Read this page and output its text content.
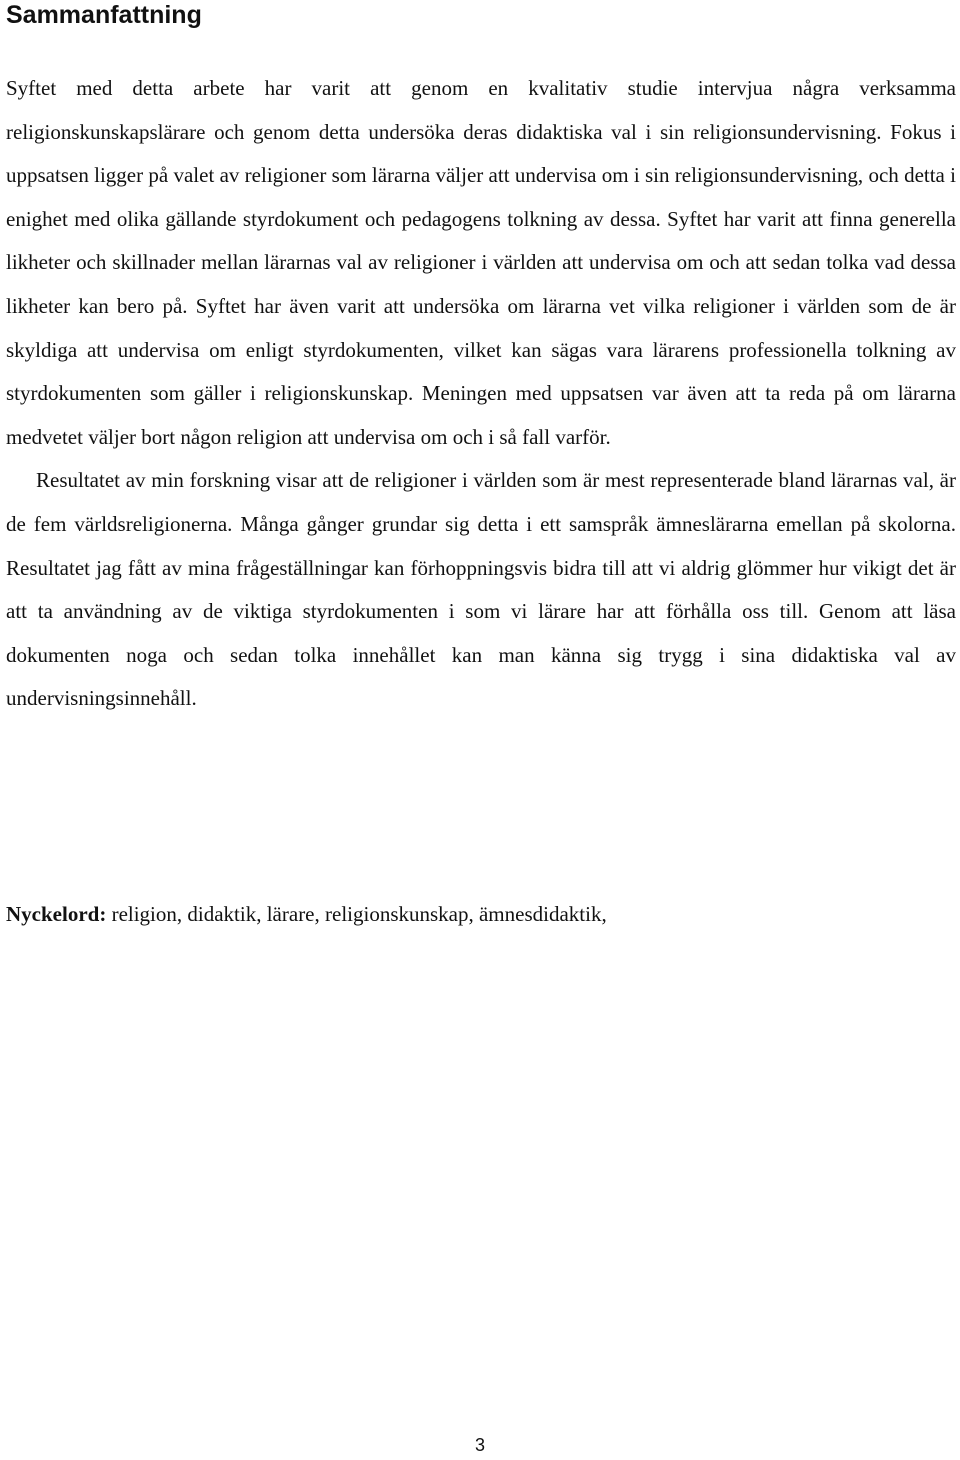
Sammanfattning

Syftet med detta arbete har varit att genom en kvalitativ studie intervjua några verksamma religionskunskapslärare och genom detta undersöka deras didaktiska val i sin religionsundervisning. Fokus i uppsatsen ligger på valet av religioner som lärarna väljer att undervisa om i sin religionsundervisning, och detta i enighet med olika gällande styrdokument och pedagogens tolkning av dessa. Syftet har varit att finna generella likheter och skillnader mellan lärarnas val av religioner i världen att undervisa om och att sedan tolka vad dessa likheter kan bero på. Syftet har även varit att undersöka om lärarna vet vilka religioner i världen som de är skyldiga att undervisa om enligt styrdokumenten, vilket kan sägas vara lärarens professionella tolkning av styrdokumenten som gäller i religionskunskap. Meningen med uppsatsen var även att ta reda på om lärarna medvetet väljer bort någon religion att undervisa om och i så fall varför.

Resultatet av min forskning visar att de religioner i världen som är mest representerade bland lärarnas val, är de fem världsreligionerna. Många gånger grundar sig detta i ett samspråk ämneslärarna emellan på skolorna. Resultatet jag fått av mina frågeställningar kan förhoppningsvis bidra till att vi aldrig glömmer hur vikigt det är att ta användning av de viktiga styrdokumenten i som vi lärare har att förhålla oss till. Genom att läsa dokumenten noga och sedan tolka innehållet kan man känna sig trygg i sina didaktiska val av undervisningsinnehåll.

Nyckelord: religion, didaktik, lärare, religionskunskap, ämnesdidaktik,

3
